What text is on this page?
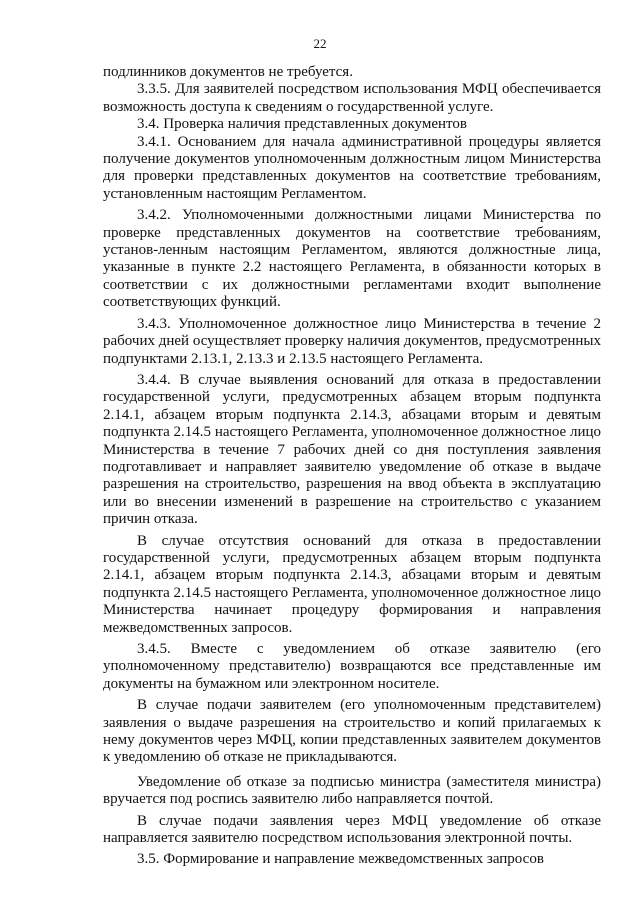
22

подлинников документов не требуется.

3.3.5. Для заявителей посредством использования МФЦ обеспечивается возможность доступа к сведениям о государственной услуге.

3.4. Проверка наличия представленных документов

3.4.1. Основанием для начала административной процедуры является получение документов уполномоченным должностным лицом Министерства для проверки представленных документов на соответствие требованиям, установленным настоящим Регламентом.

3.4.2. Уполномоченными должностными лицами Министерства по проверке представленных документов на соответствие требованиям, установ-ленным настоящим Регламентом, являются должностные лица, указанные в пункте 2.2 настоящего Регламента, в обязанности которых в соответствии с их должностными регламентами входит выполнение соответствующих функций.

3.4.3. Уполномоченное должностное лицо Министерства в течение 2 рабочих дней осуществляет проверку наличия документов, предусмотренных подпунктами 2.13.1, 2.13.3 и 2.13.5 настоящего Регламента.

3.4.4. В случае выявления оснований для отказа в предоставлении государственной услуги, предусмотренных абзацем вторым подпункта 2.14.1, абзацем вторым подпункта 2.14.3, абзацами вторым и девятым подпункта 2.14.5 настоящего Регламента, уполномоченное должностное лицо Министерства в течение 7 рабочих дней со дня поступления заявления подготавливает и направляет заявителю уведомление об отказе в выдаче разрешения на строительство, разрешения на ввод объекта в эксплуатацию или во внесении изменений в разрешение на строительство с указанием причин отказа.

В случае отсутствия оснований для отказа в предоставлении государственной услуги, предусмотренных абзацем вторым подпункта 2.14.1, абзацем вторым подпункта 2.14.3, абзацами вторым и девятым подпункта 2.14.5 настоящего Регламента, уполномоченное должностное лицо Министерства начинает процедуру формирования и направления межведомственных запросов.

3.4.5. Вместе с уведомлением об отказе заявителю (его уполномоченному представителю) возвращаются все представленные им документы на бумажном или электронном носителе.

В случае подачи заявителем (его уполномоченным представителем) заявления о выдаче разрешения на строительство и копий прилагаемых к нему документов через МФЦ, копии представленных заявителем документов к уведомлению об отказе не прикладываются.

Уведомление об отказе за подписью министра (заместителя министра) вручается под роспись заявителю либо направляется почтой.

В случае подачи заявления через МФЦ уведомление об отказе направляется заявителю посредством использования электронной почты.

3.5. Формирование и направление межведомственных запросов
